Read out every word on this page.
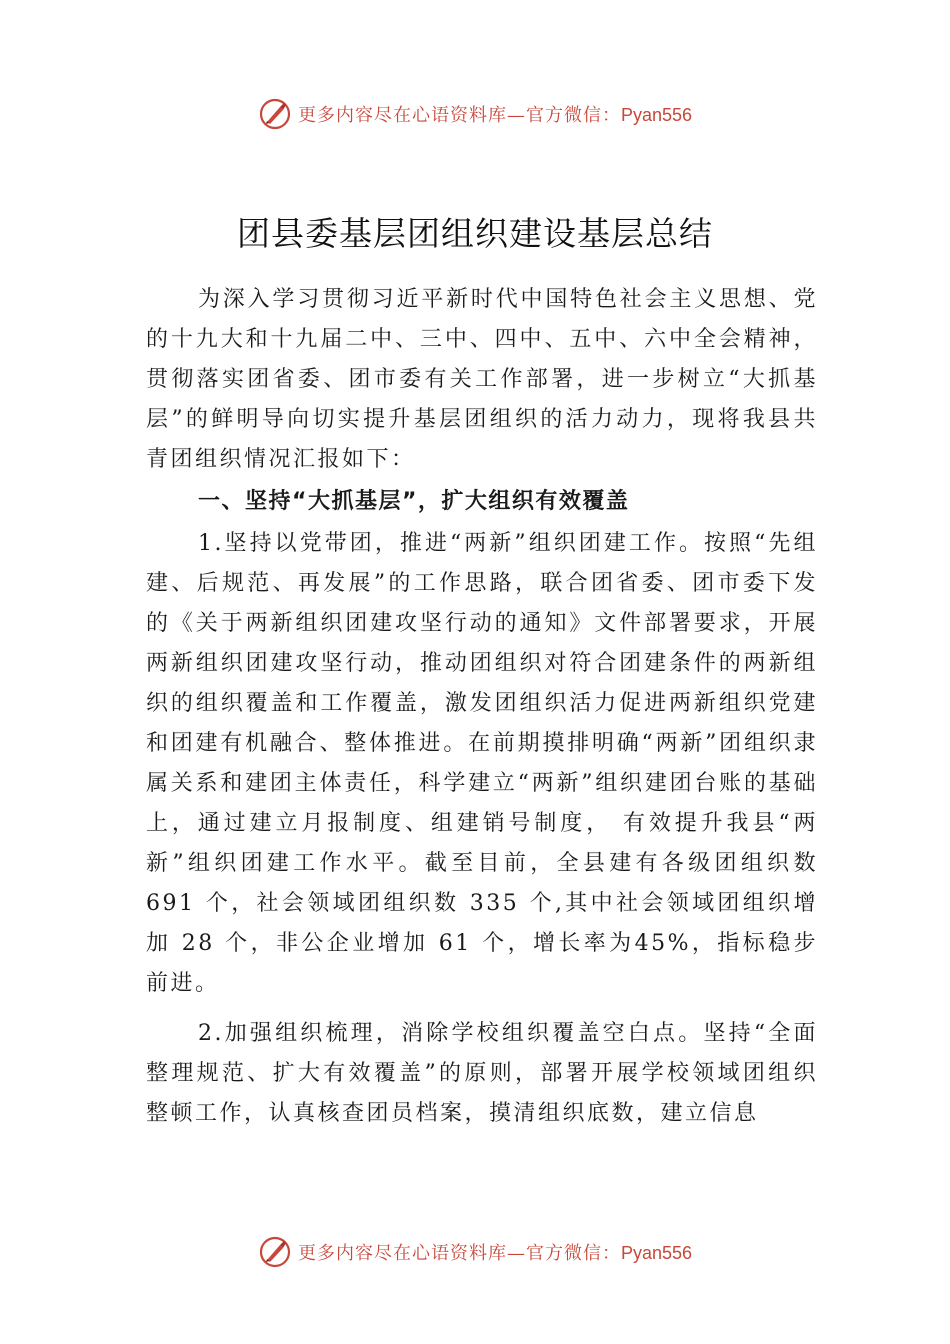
更多内容尽在心语资料库—官方微信：Pyan556
团县委基层团组织建设基层总结

为深入学习贯彻习近平新时代中国特色社会主义思想、党的十九大和十九届二中、三中、四中、五中、六中全会精神，贯彻落实团省委、团市委有关工作部署，进一步树立“大抓基层”的鲜明导向切实提升基层团组织的活力动力，现将我县共青团组织情况汇报如下：

一、坚持“大抓基层”，扩大组织有效覆盖

1.坚持以党带团，推进“两新”组织团建工作。按照“先组建、后规范、再发展”的工作思路，联合团省委、团市委下发的《关于两新组织团建攻坚行动的通知》文件部署要求，开展两新组织团建攻坚行动，推动团组织对符合团建条件的两新组织的组织覆盖和工作覆盖，激发团组织活力促进两新组织党建和团建有机融合、整体推进。在前期摸排明确“两新”团组织隶属关系和建团主体责任，科学建立“两新”组织建团台账的基础上，通过建立月报制度、组建销号制度， 有效提升我县“两新”组织团建工作水平。截至目前，全县建有各级团组织数 691 个，社会领域团组织数 335 个,其中社会领域团组织增加 28 个，非公企业增加 61 个，增长率为45%，指标稳步前进。

2.加强组织梳理，消除学校组织覆盖空白点。坚持“全面整理规范、扩大有效覆盖”的原则，部署开展学校领域团组织整顿工作，认真核查团员档案，摸清组织底数，建立信息

更多内容尽在心语资料库—官方微信：Pyan556
